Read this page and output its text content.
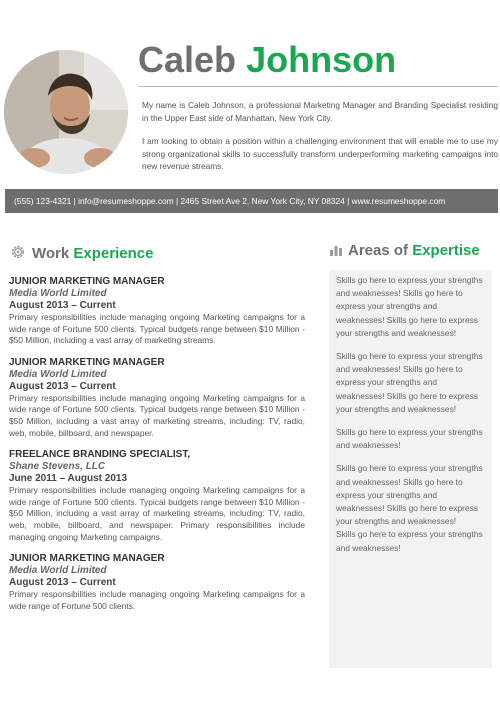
Caleb Johnson

My name is Caleb Johnson, a professional Marketing Manager and Branding Specialist residing in the Upper East side of Manhattan, New York City.

I am looking to obtain a position within a challenging environment that will enable me to use my strong organizational skills to successfully transform underperforming marketing campaigns into new revenue streams.

(555) 123-4321 | info@resumeshoppe.com | 2465 Street Ave 2, New York City, NY 08324 | www.resumeshoppe.com
Work Experience	Areas of Expertise
JUNIOR MARKETING MANAGER
Media World Limited
August 2013 – Current
Primary responsibilities include managing ongoing Marketing campaigns for a wide range of Fortune 500 clients. Typical budgets range between $10 Million - $50 Million, including a vast array of marketing streams.
JUNIOR MARKETING MANAGER
Media World Limited
August 2013 – Current
Primary responsibilities include managing ongoing Marketing campaigns for a wide range of Fortune 500 clients. Typical budgets range between $10 Million - $50 Million, including a vast array of marketing streams, including: TV, radio, web, mobile, billboard, and newspaper.
FREELANCE BRANDING SPECIALIST,
Shane Stevens, LLC
June 2011 – August 2013
Primary responsibilities include managing ongoing Marketing campaigns for a wide range of Fortune 500 clients. Typical budgets range between $10 Million - $50 Million, including a vast array of marketing streams, including: TV, radio, web, mobile, billboard, and newspaper. Primary responsibilities include managing ongoing Marketing campaigns.
JUNIOR MARKETING MANAGER
Media World Limited
August 2013 – Current
Primary responsibilities include managing ongoing Marketing campaigns for a wide range of Fortune 500 clients.

Skills go here to express your strengths and weaknesses! Skills go here to express your strengths and weaknesses! Skills go here to express your strengths and weaknesses!

Skills go here to express your strengths and weaknesses! Skills go here to express your strengths and weaknesses! Skills go here to express your strengths and weaknesses!

Skills go here to express your strengths and weaknesses!

Skills go here to express your strengths and weaknesses! Skills go here to express your strengths and weaknesses! Skills go here to express your strengths and weaknesses!

Skills go here to express your strengths and weaknesses!
